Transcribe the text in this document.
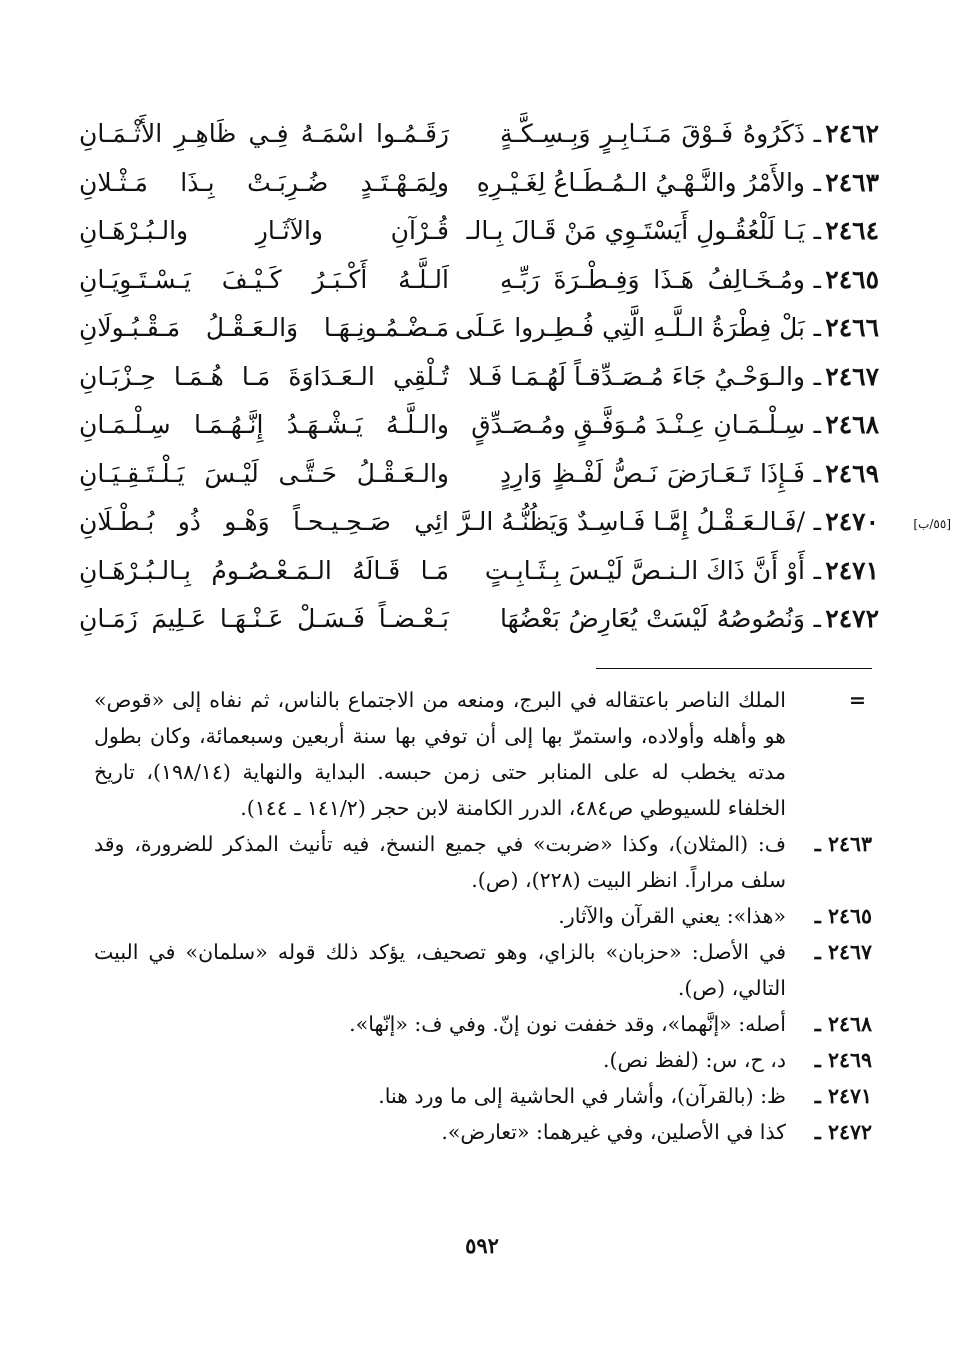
٢٤٦٢
ـ
ذَكَرُوهُ فَـوْقَ مَـنَـابِـرٍ وَبِـسِـكَّـةٍ
رَقَـمُـوا اسْمَـهُ فِـي ظَاهِـرِ الأَثْـمَـانِ
٢٤٦٣
ـ
والأَمْرُ والنَّـهْـيُ الـمُـطَـاعُ لِغَـيْـرِهِ
ولِمَـهْـتَـدٍ ضُـرِبَـتْ بِـذَا مَـثْـلانِ
٢٤٦٤
ـ
يَـا لَلْعُقُـولِ أَيَسْتَـوِي مَنْ قَـالَ بِـالـ
قُـرْآنِ والآثَـارِ والـبُـرْهَـانِ
٢٤٦٥
ـ
ومُـخَـالِفُ هَـذَا وَفِـطْـرَةَ رَبِّـهِ
اَلـلَّـهُ أَكْـبَـرُ كَـيْـفَ يَـسْـتَـوِيَـانِ
٢٤٦٦
ـ
بَلْ فِطْرَةُ الـلَّـهِ الَّتِي فُـطِـروا عَـلَى
مَـضْـمُـونِـهَـا وَالـعَـقْـلُ مَـقْـبُـولَانِ
٢٤٦٧
ـ
والـوَحْـيُ جَاءَ مُـصَـدِّقـاً لَهُـمَـا فَـلا
تُـلْقِي الـعَـدَاوَةَ مَـا هُـمَـا حِـزْبَـانِ
٢٤٦٨
ـ
سِـلْـمَـانِ عِـنْـدَ مُـوَفَّـقٍ ومُـصَـدِّقٍ
والـلَّـهُ يَـشْـهَـدُ إِنَّـهُـمَـا سِـلْـمَـانِ
٢٤٦٩
ـ
فَـإِذَا تَـعَـارَضَ نَـصُّ لَفْـظٍ وَارِدٍ
والـعَـقْـلُ حَـتَّـى لَيْـسَ يَـلْـتَـقِـيَـانِ
٢٤٧٠
ـ
/فَـالـعَـقْـلُ إِمَّـا فَـاسِـدٌ وَيَظُنُّـهُ الـرَّ
ائِي صَـحِـيـحـاً وَهْـو ذُو بُـطْـلَانِ	[٥٥/ب]
٢٤٧١
ـ
أَوْ أَنَّ ذَاكَ الـنـصَّ لَيْـسَ بِـثَـابِـتٍ
مَـا قَـالَهُ الـمَـعْـصُـومُ بِـالـبُـرْهَـانِ
٢٤٧٢
ـ
وَنُصُوصُهُ لَيْسَتْ يُعَارِضُ بَعْضُهَا
بَـعْـضـاً فَـسَـلْ عَـنْـهَـا عَـلِيمَ زَمَـانِ
=
الملك الناصر باعتقاله في البرج، ومنعه من الاجتماع بالناس، ثم نفاه إلى «قوص» هو وأهله وأولاده، واستمرّ بها إلى أن توفي بها سنة أربعين وسبعمائة، وكان بطول مدته يخطب له على المنابر حتى زمن حبسه. البداية والنهاية (١٩٨/١٤)، تاريخ الخلفاء للسيوطي ص٤٨٤، الدرر الكامنة لابن حجر (١٤١/٢ ـ ١٤٤).
٢٤٦٣ ـ
ف: (المثلان)، وكذا «ضربت» في جميع النسخ، فيه تأنيث المذكر للضرورة، وقد سلف مراراً. انظر البيت (٢٢٨)، (ص).
٢٤٦٥ ـ
«هذا»: يعني القرآن والآثار.
٢٤٦٧ ـ
في الأصل: «حزبان» بالزاي، وهو تصحيف، يؤكد ذلك قوله «سلمان» في البيت التالي، (ص).
٢٤٦٨ ـ
أصله: «إنَّهما»، وقد خففت نون إنّ. وفي ف: «إنّها».
٢٤٦٩ ـ
د، ح، س: (لفظ نص).
٢٤٧١ ـ
ظ: (بالقرآن)، وأشار في الحاشية إلى ما ورد هنا.
٢٤٧٢ ـ
كذا في الأصلين، وفي غيرهما: «تعارض».
٥٩٢
